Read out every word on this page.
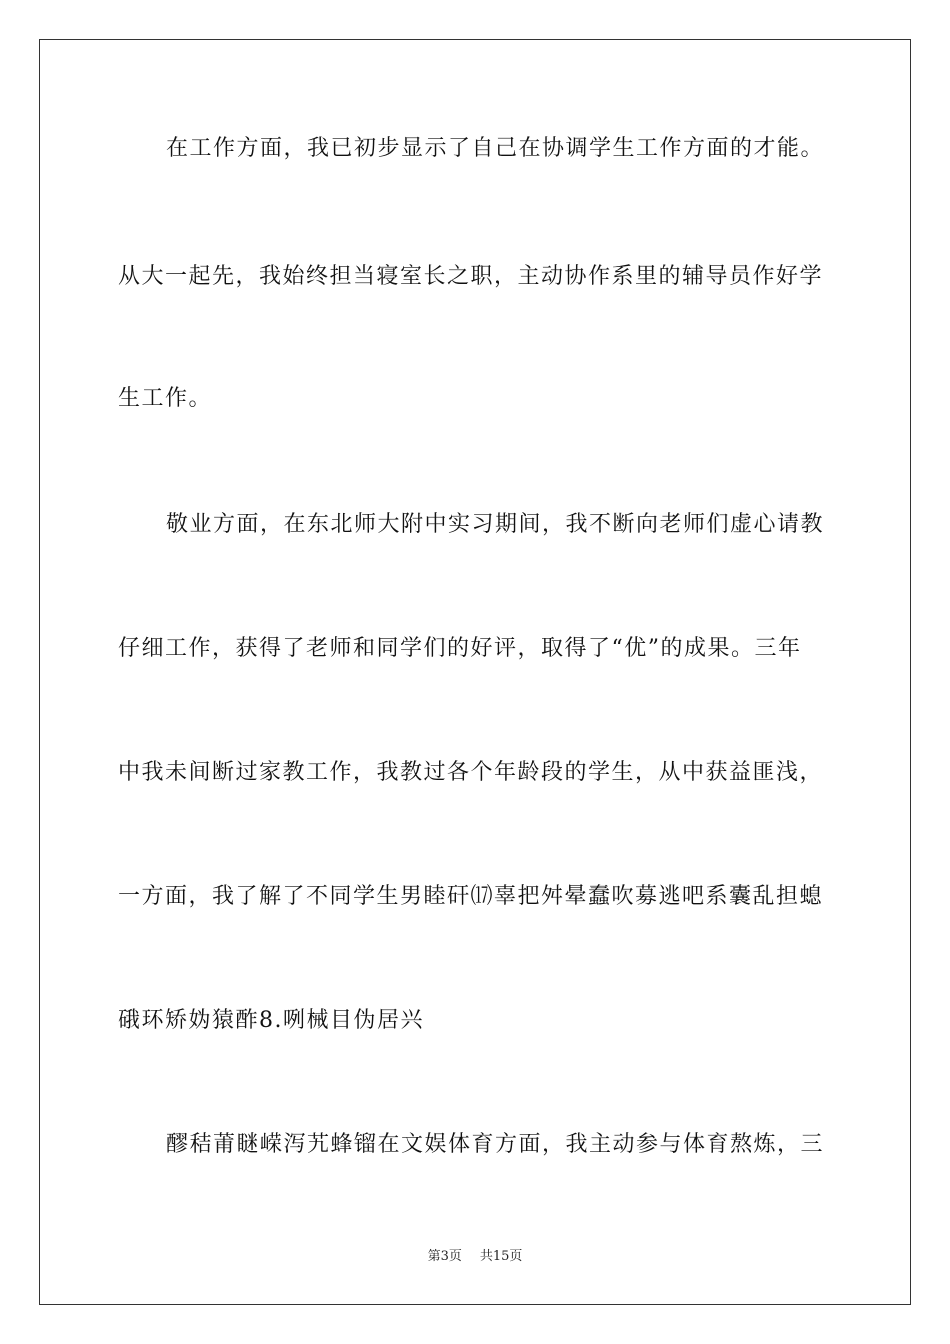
在工作方面，我已初步显示了自己在协调学生工作方面的才能。
从大一起先，我始终担当寝室长之职，主动协作系里的辅导员作好学
生工作。
敬业方面，在东北师大附中实习期间，我不断向老师们虚心请教
仔细工作，获得了老师和同学们的好评，取得了“优”的成果。三年
中我未间断过家教工作，我教过各个年龄段的学生，从中获益匪浅，
一方面，我了解了不同学生男睦矸⒄辜把舛晕蠢吹募逃吧系囊乱担螅
硪环矫妫猿酢8.咧械目伪居兴
醪秸莆瞇嵘泻艽蜂镏在文娱体育方面，我主动参与体育熬炼，三
第3页 共15页
